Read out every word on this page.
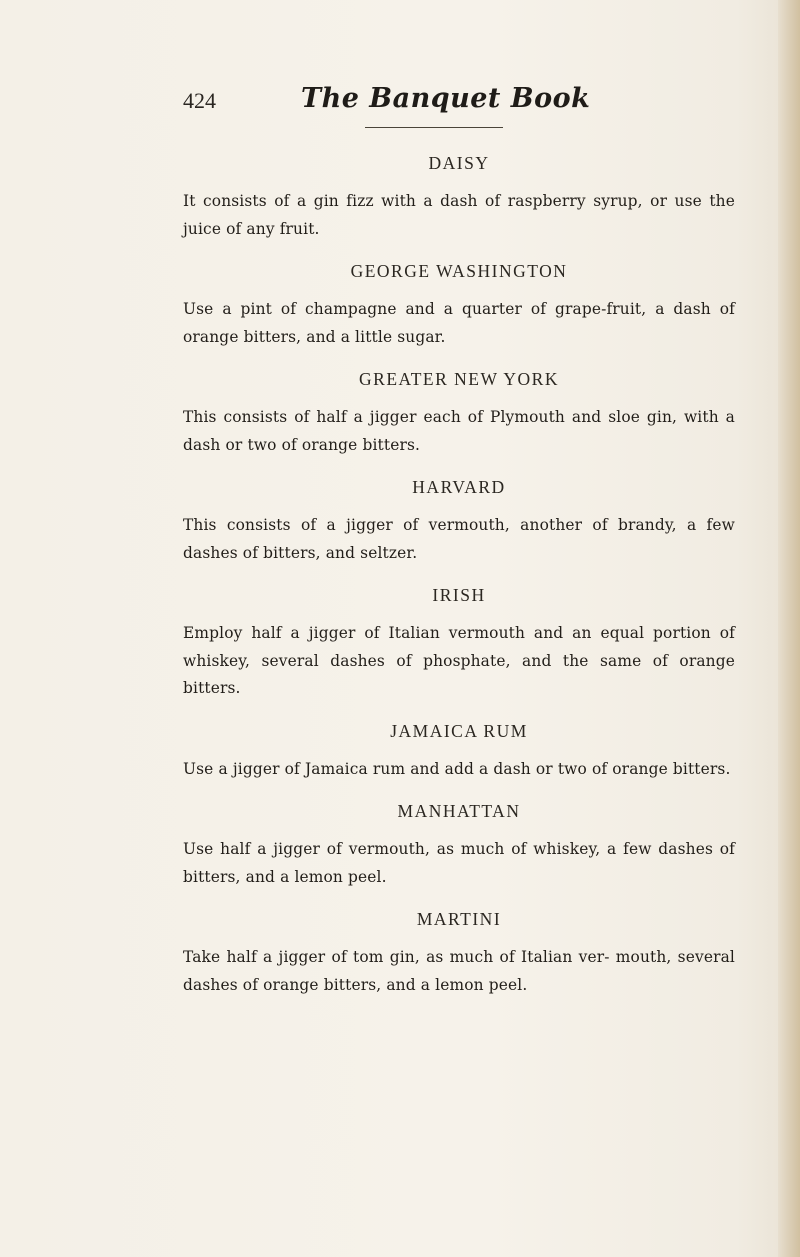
424	The Banquet Book
DAISY

It consists of a gin fizz with a dash of raspberry syrup, or use the juice of any fruit.

GEORGE WASHINGTON

Use a pint of champagne and a quarter of grape-fruit, a dash of orange bitters, and a little sugar.

GREATER NEW YORK

This consists of half a jigger each of Plymouth and sloe gin, with a dash or two of orange bitters.

HARVARD

This consists of a jigger of vermouth, another of brandy, a few dashes of bitters, and seltzer.

IRISH

Employ half a jigger of Italian vermouth and an equal portion of whiskey, several dashes of phosphate, and the same of orange bitters.

JAMAICA RUM

Use a jigger of Jamaica rum and add a dash or two of orange bitters.

MANHATTAN

Use half a jigger of vermouth, as much of whiskey, a few dashes of bitters, and a lemon peel.

MARTINI

Take half a jigger of tom gin, as much of Italian ver- mouth, several dashes of orange bitters, and a lemon peel.
